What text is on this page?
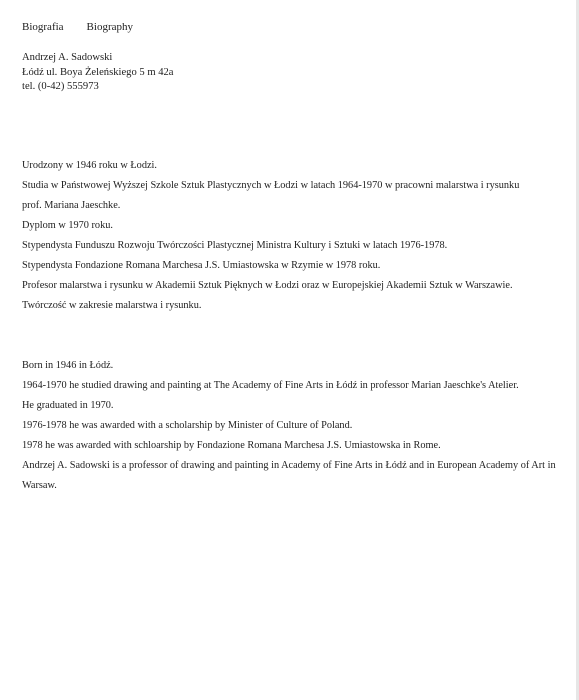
Biografia Biography
Andrzej A. Sadowski
Łódź ul. Boya Żeleńskiego 5 m 42a
tel. (0-42) 555973
Urodzony w 1946 roku w Łodzi.
Studia w Państwowej Wyższej Szkole Sztuk Plastycznych w Łodzi w latach 1964-1970 w pracowni malarstwa i rysunku
prof. Mariana Jaeschke.
Dyplom w 1970 roku.
Stypendysta Funduszu Rozwoju Twórczości Plastycznej Ministra Kultury i Sztuki w latach 1976-1978.
Stypendysta Fondazione Romana Marchesa J.S. Umiastowska w Rzymie w 1978 roku.
Profesor malarstwa i rysunku w Akademii Sztuk Pięknych w Łodzi oraz w Europejskiej Akademii Sztuk w Warszawie.
Twórczość w zakresie malarstwa i rysunku.
Born in 1946 in Łódź.
1964-1970 he studied drawing and painting at The Academy of Fine Arts in Łódź in professor Marian Jaeschke's Atelier.
He graduated in 1970.
1976-1978 he was awarded with a scholarship by Minister of Culture of Poland.
1978 he was awarded with schloarship by Fondazione Romana Marchesa J.S. Umiastowska in Rome.
Andrzej A. Sadowski is a professor of drawing and painting in Academy of Fine Arts in Łódź and in European Academy of Art in Warsaw.
